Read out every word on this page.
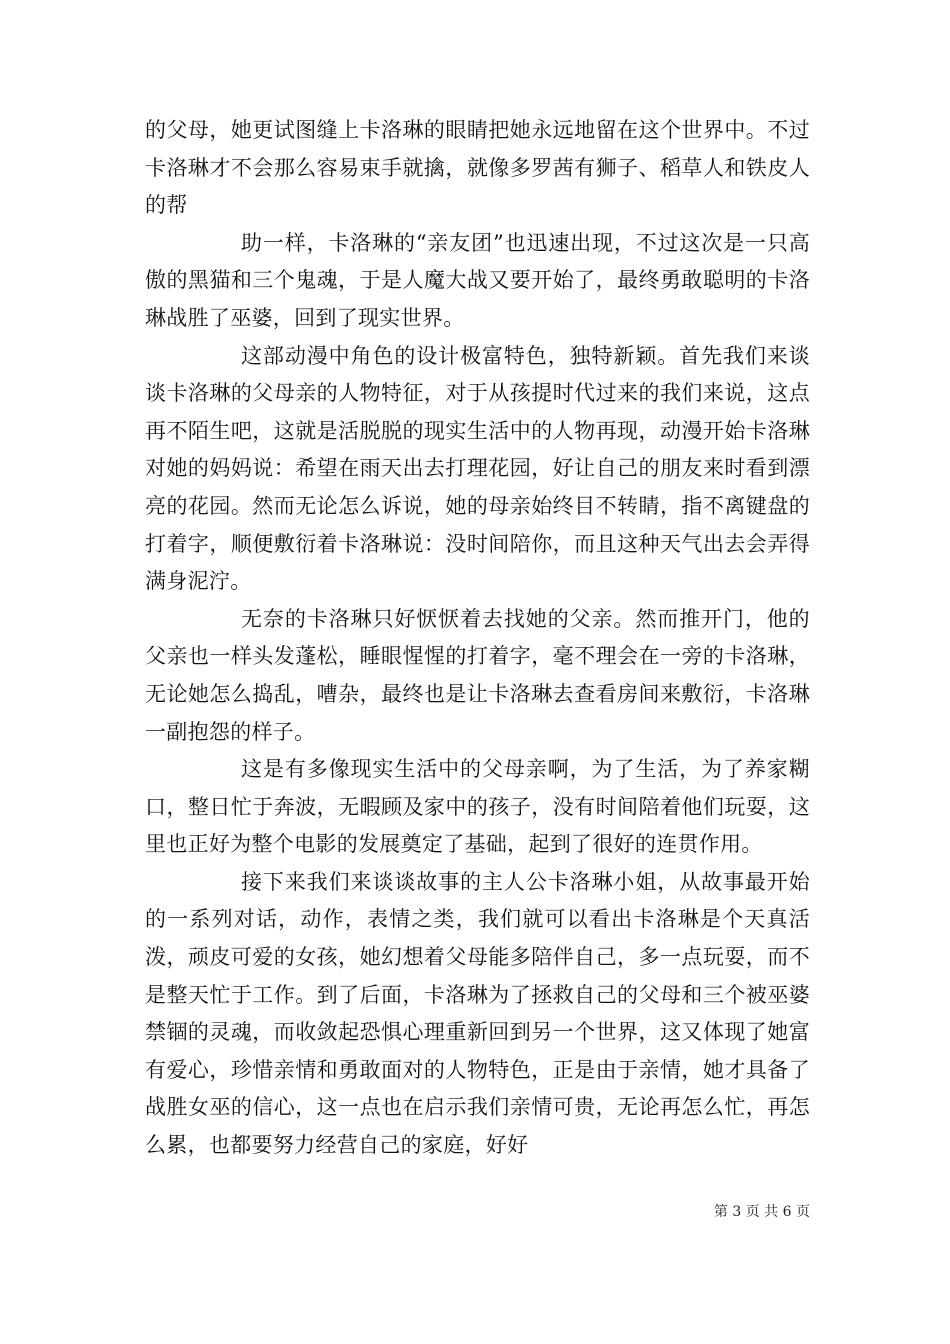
的父母，她更试图缝上卡洛琳的眼睛把她永远地留在这个世界中。不过卡洛琳才不会那么容易束手就擒，就像多罗茜有狮子、稻草人和铁皮人的帮

助一样，卡洛琳的“亲友团”也迅速出现，不过这次是一只高傲的黑猫和三个鬼魂，于是人魔大战又要开始了，最终勇敢聪明的卡洛琳战胜了巫婆，回到了现实世界。

这部动漫中角色的设计极富特色，独特新颖。首先我们来谈谈卡洛琳的父母亲的人物特征，对于从孩提时代过来的我们来说，这点再不陌生吧，这就是活脱脱的现实生活中的人物再现，动漫开始卡洛琳对她的妈妈说：希望在雨天出去打理花园，好让自己的朋友来时看到漂亮的花园。然而无论怎么诉说，她的母亲始终目不转睛，指不离键盘的打着字，顺便敷衍着卡洛琳说：没时间陪你，而且这种天气出去会弄得满身泥泞。

无奈的卡洛琳只好恹恹着去找她的父亲。然而推开门，他的父亲也一样头发蓬松，睡眼惺惺的打着字，毫不理会在一旁的卡洛琳，无论她怎么捣乱，嘈杂，最终也是让卡洛琳去查看房间来敷衍，卡洛琳一副抱怨的样子。

这是有多像现实生活中的父母亲啊，为了生活，为了养家糊口，整日忙于奔波，无暇顾及家中的孩子，没有时间陪着他们玩耍，这里也正好为整个电影的发展奠定了基础，起到了很好的连贯作用。

接下来我们来谈谈故事的主人公卡洛琳小姐，从故事最开始的一系列对话，动作，表情之类，我们就可以看出卡洛琳是个天真活泼，顽皮可爱的女孩，她幻想着父母能多陪伴自己，多一点玩耍，而不是整天忙于工作。到了后面，卡洛琳为了拯救自己的父母和三个被巫婆禁锢的灵魂，而收敛起恐惧心理重新回到另一个世界，这又体现了她富有爱心，珍惜亲情和勇敢面对的人物特色，正是由于亲情，她才具备了战胜女巫的信心，这一点也在启示我们亲情可贵，无论再怎么忙，再怎么累，也都要努力经营自己的家庭，好好

第 3 页 共 6 页
